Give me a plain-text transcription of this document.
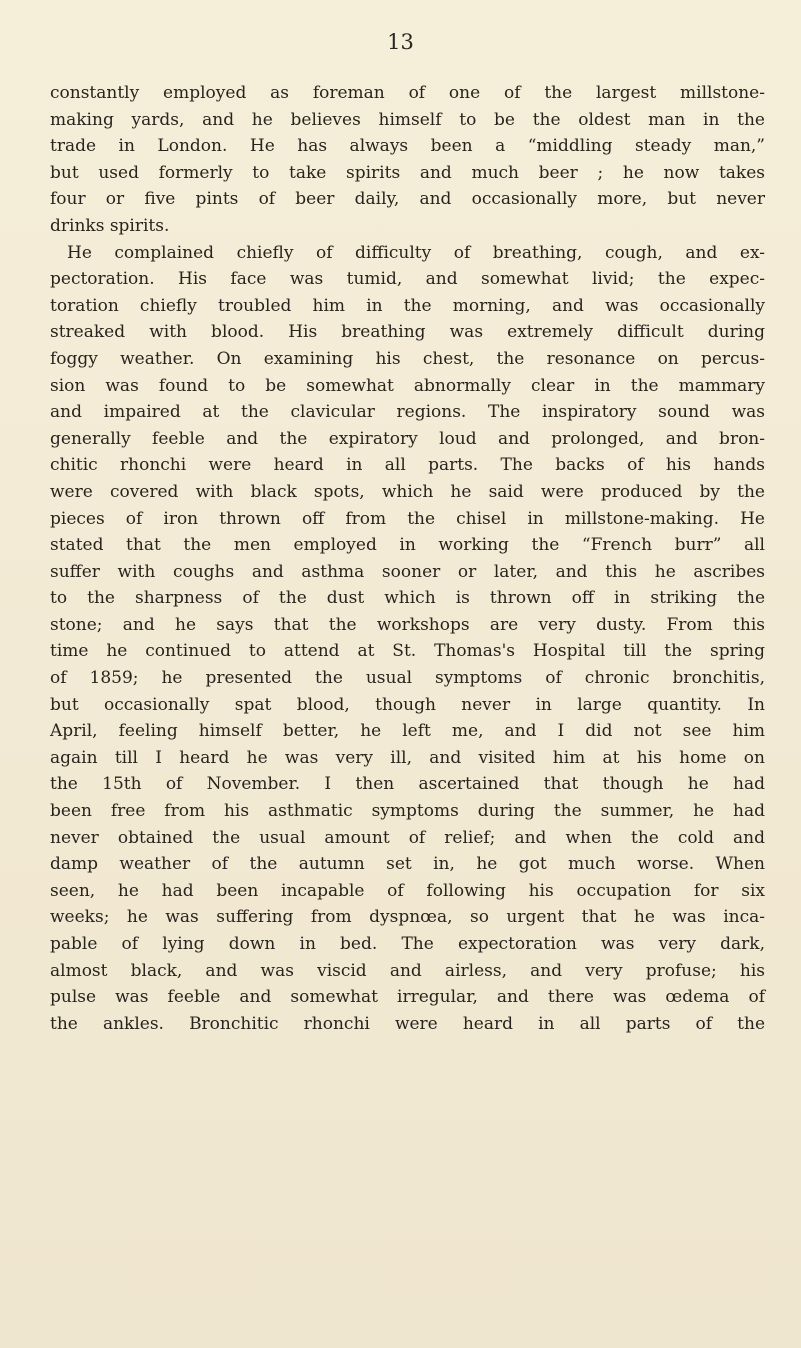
13

constantly employed as foreman of one of the largest millstone-
making yards, and he believes himself to be the oldest man in the
trade in London. He has always been a “middling steady man,”
but used formerly to take spirits and much beer ; he now takes
four or five pints of beer daily, and occasionally more, but never
drinks spirits.
He complained chiefly of difficulty of breathing, cough, and ex-
pectoration. His face was tumid, and somewhat livid; the expec-
toration chiefly troubled him in the morning, and was occasionally
streaked with blood. His breathing was extremely difficult during
foggy weather. On examining his chest, the resonance on percus-
sion was found to be somewhat abnormally clear in the mammary
and impaired at the clavicular regions. The inspiratory sound was
generally feeble and the expiratory loud and prolonged, and bron-
chitic rhonchi were heard in all parts. The backs of his hands
were covered with black spots, which he said were produced by the
pieces of iron thrown off from the chisel in millstone-making. He
stated that the men employed in working the “French burr” all
suffer with coughs and asthma sooner or later, and this he ascribes
to the sharpness of the dust which is thrown off in striking the
stone; and he says that the workshops are very dusty. From this
time he continued to attend at St. Thomas's Hospital till the spring
of 1859; he presented the usual symptoms of chronic bronchitis,
but occasionally spat blood, though never in large quantity. In
April, feeling himself better, he left me, and I did not see him
again till I heard he was very ill, and visited him at his home on
the 15th of November. I then ascertained that though he had
been free from his asthmatic symptoms during the summer, he had
never obtained the usual amount of relief; and when the cold and
damp weather of the autumn set in, he got much worse. When
seen, he had been incapable of following his occupation for six
weeks; he was suffering from dyspnœa, so urgent that he was inca-
pable of lying down in bed. The expectoration was very dark,
almost black, and was viscid and airless, and very profuse; his
pulse was feeble and somewhat irregular, and there was œdema of
the ankles. Bronchitic rhonchi were heard in all parts of the
